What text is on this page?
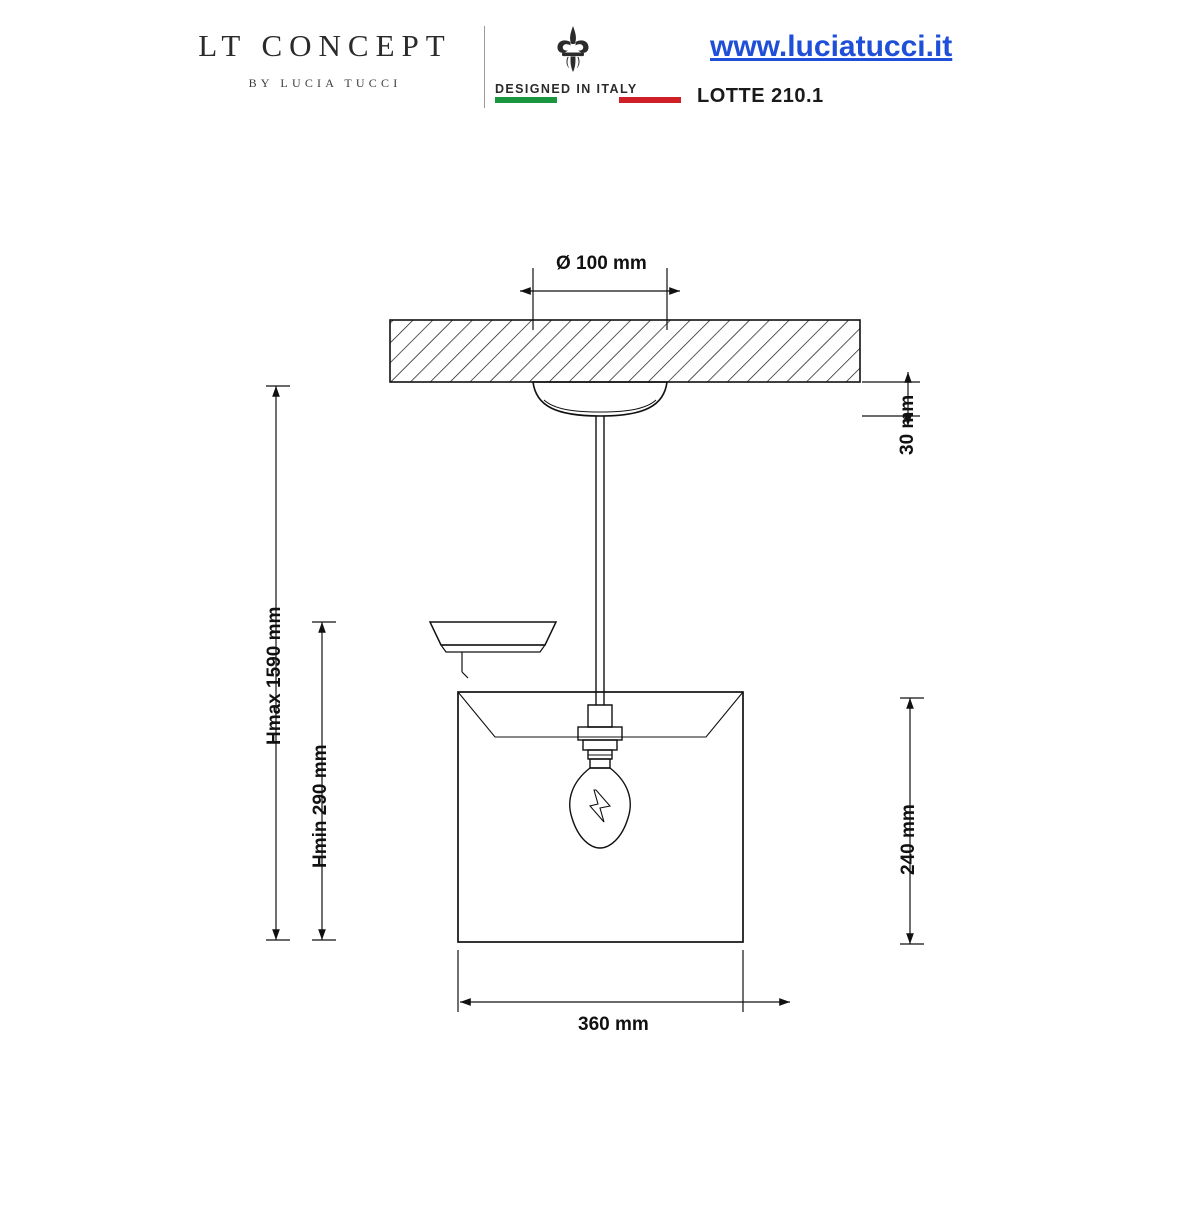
LT CONCEPT
BY LUCIA TUCCI	DESIGNED IN ITALY
www.luciatucci.it
LOTTE 210.1
Ø 100 mm
30 mm
Hmax 1590 mm
Hmin 290 mm	240 mm
360 mm
